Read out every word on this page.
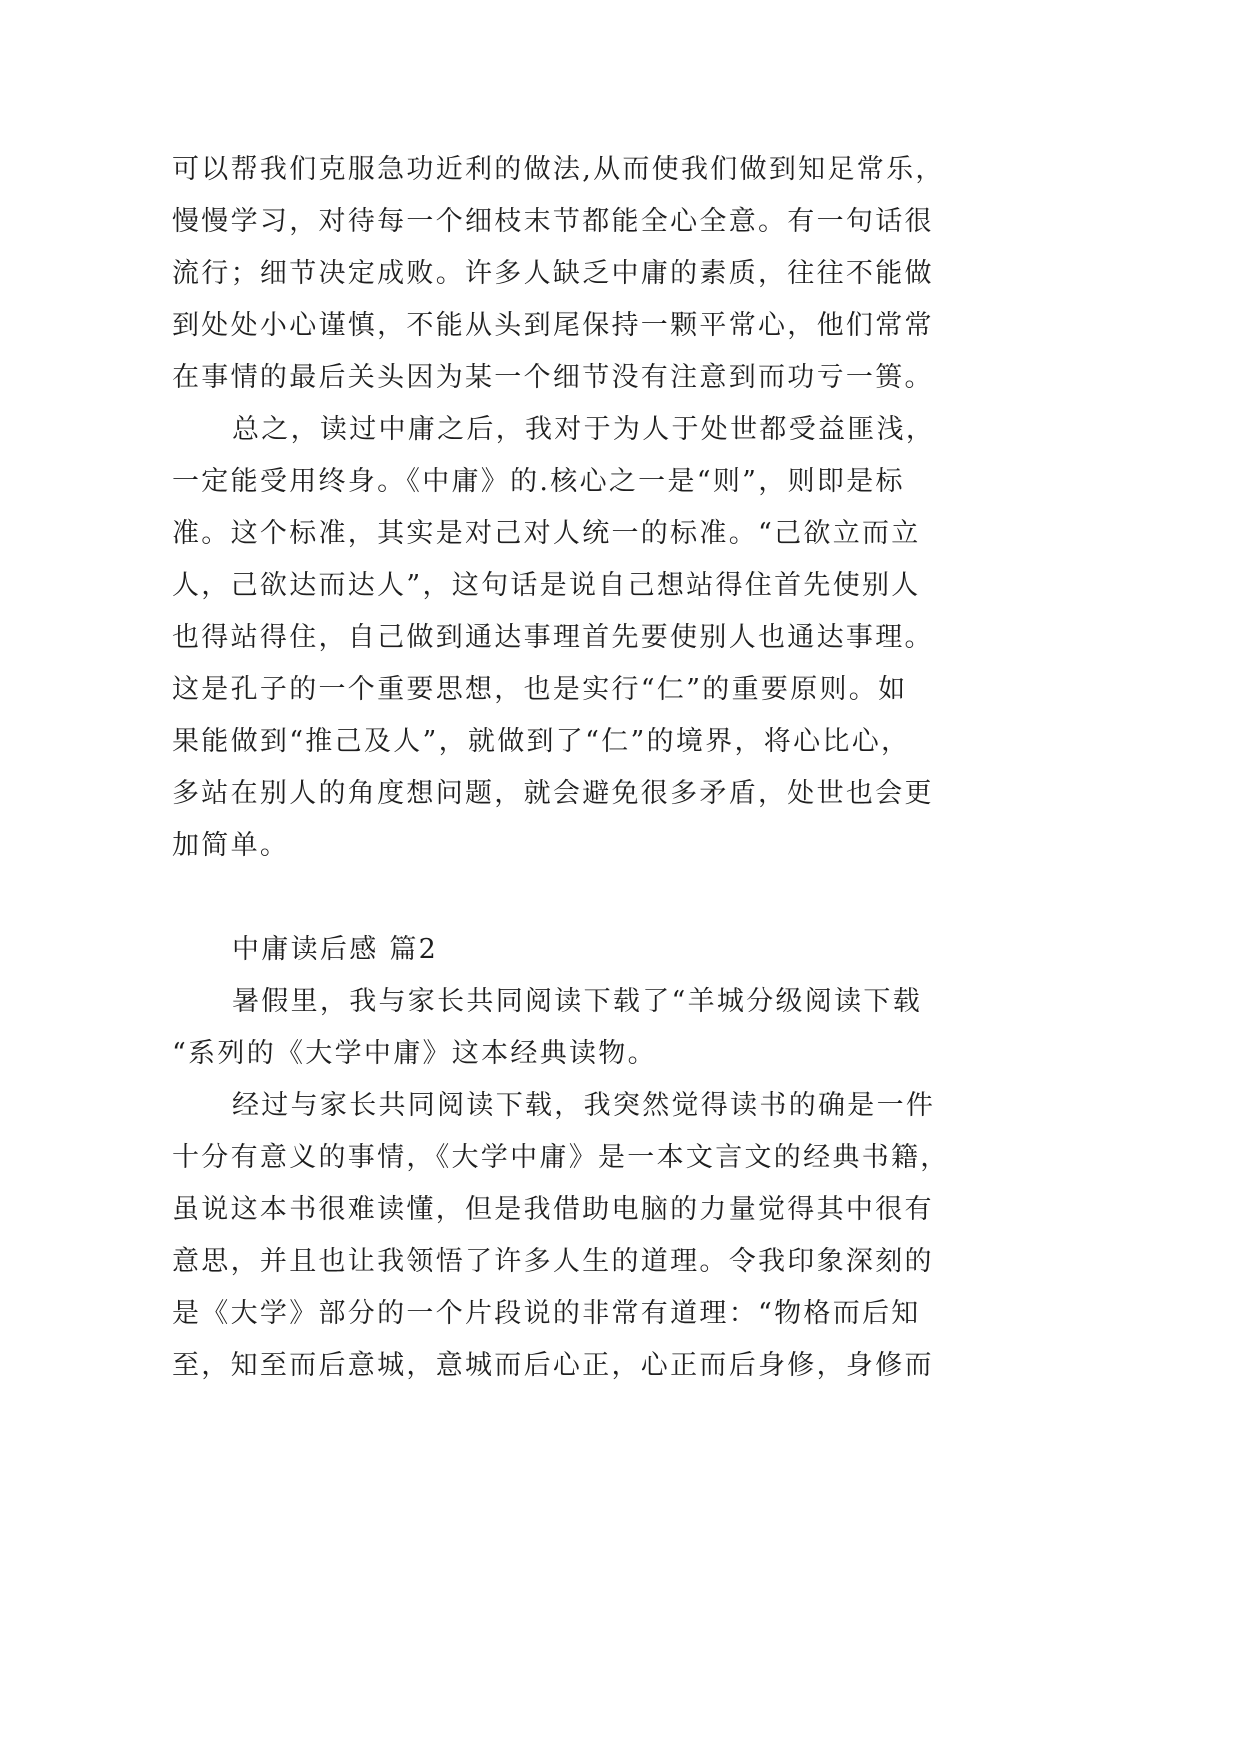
可以帮我们克服急功近利的做法,从而使我们做到知足常乐，
慢慢学习，对待每一个细枝末节都能全心全意。有一句话很
流行；细节决定成败。许多人缺乏中庸的素质，往往不能做
到处处小心谨慎，不能从头到尾保持一颗平常心，他们常常
在事情的最后关头因为某一个细节没有注意到而功亏一篑。
总之，读过中庸之后，我对于为人于处世都受益匪浅，
一定能受用终身。《中庸》的.核心之一是“则”，则即是标
准。这个标准，其实是对己对人统一的标准。“己欲立而立
人，己欲达而达人”，这句话是说自己想站得住首先使别人
也得站得住，自己做到通达事理首先要使别人也通达事理。
这是孔子的一个重要思想，也是实行“仁”的重要原则。如
果能做到“推己及人”，就做到了“仁”的境界，将心比心，
多站在别人的角度想问题，就会避免很多矛盾，处世也会更
加简单。
中庸读后感 篇2
暑假里，我与家长共同阅读下载了“羊城分级阅读下载
“系列的《大学中庸》这本经典读物。
经过与家长共同阅读下载，我突然觉得读书的确是一件
十分有意义的事情，《大学中庸》是一本文言文的经典书籍，
虽说这本书很难读懂，但是我借助电脑的力量觉得其中很有
意思，并且也让我领悟了许多人生的道理。令我印象深刻的
是《大学》部分的一个片段说的非常有道理：“物格而后知
至，知至而后意城，意城而后心正，心正而后身修，身修而
